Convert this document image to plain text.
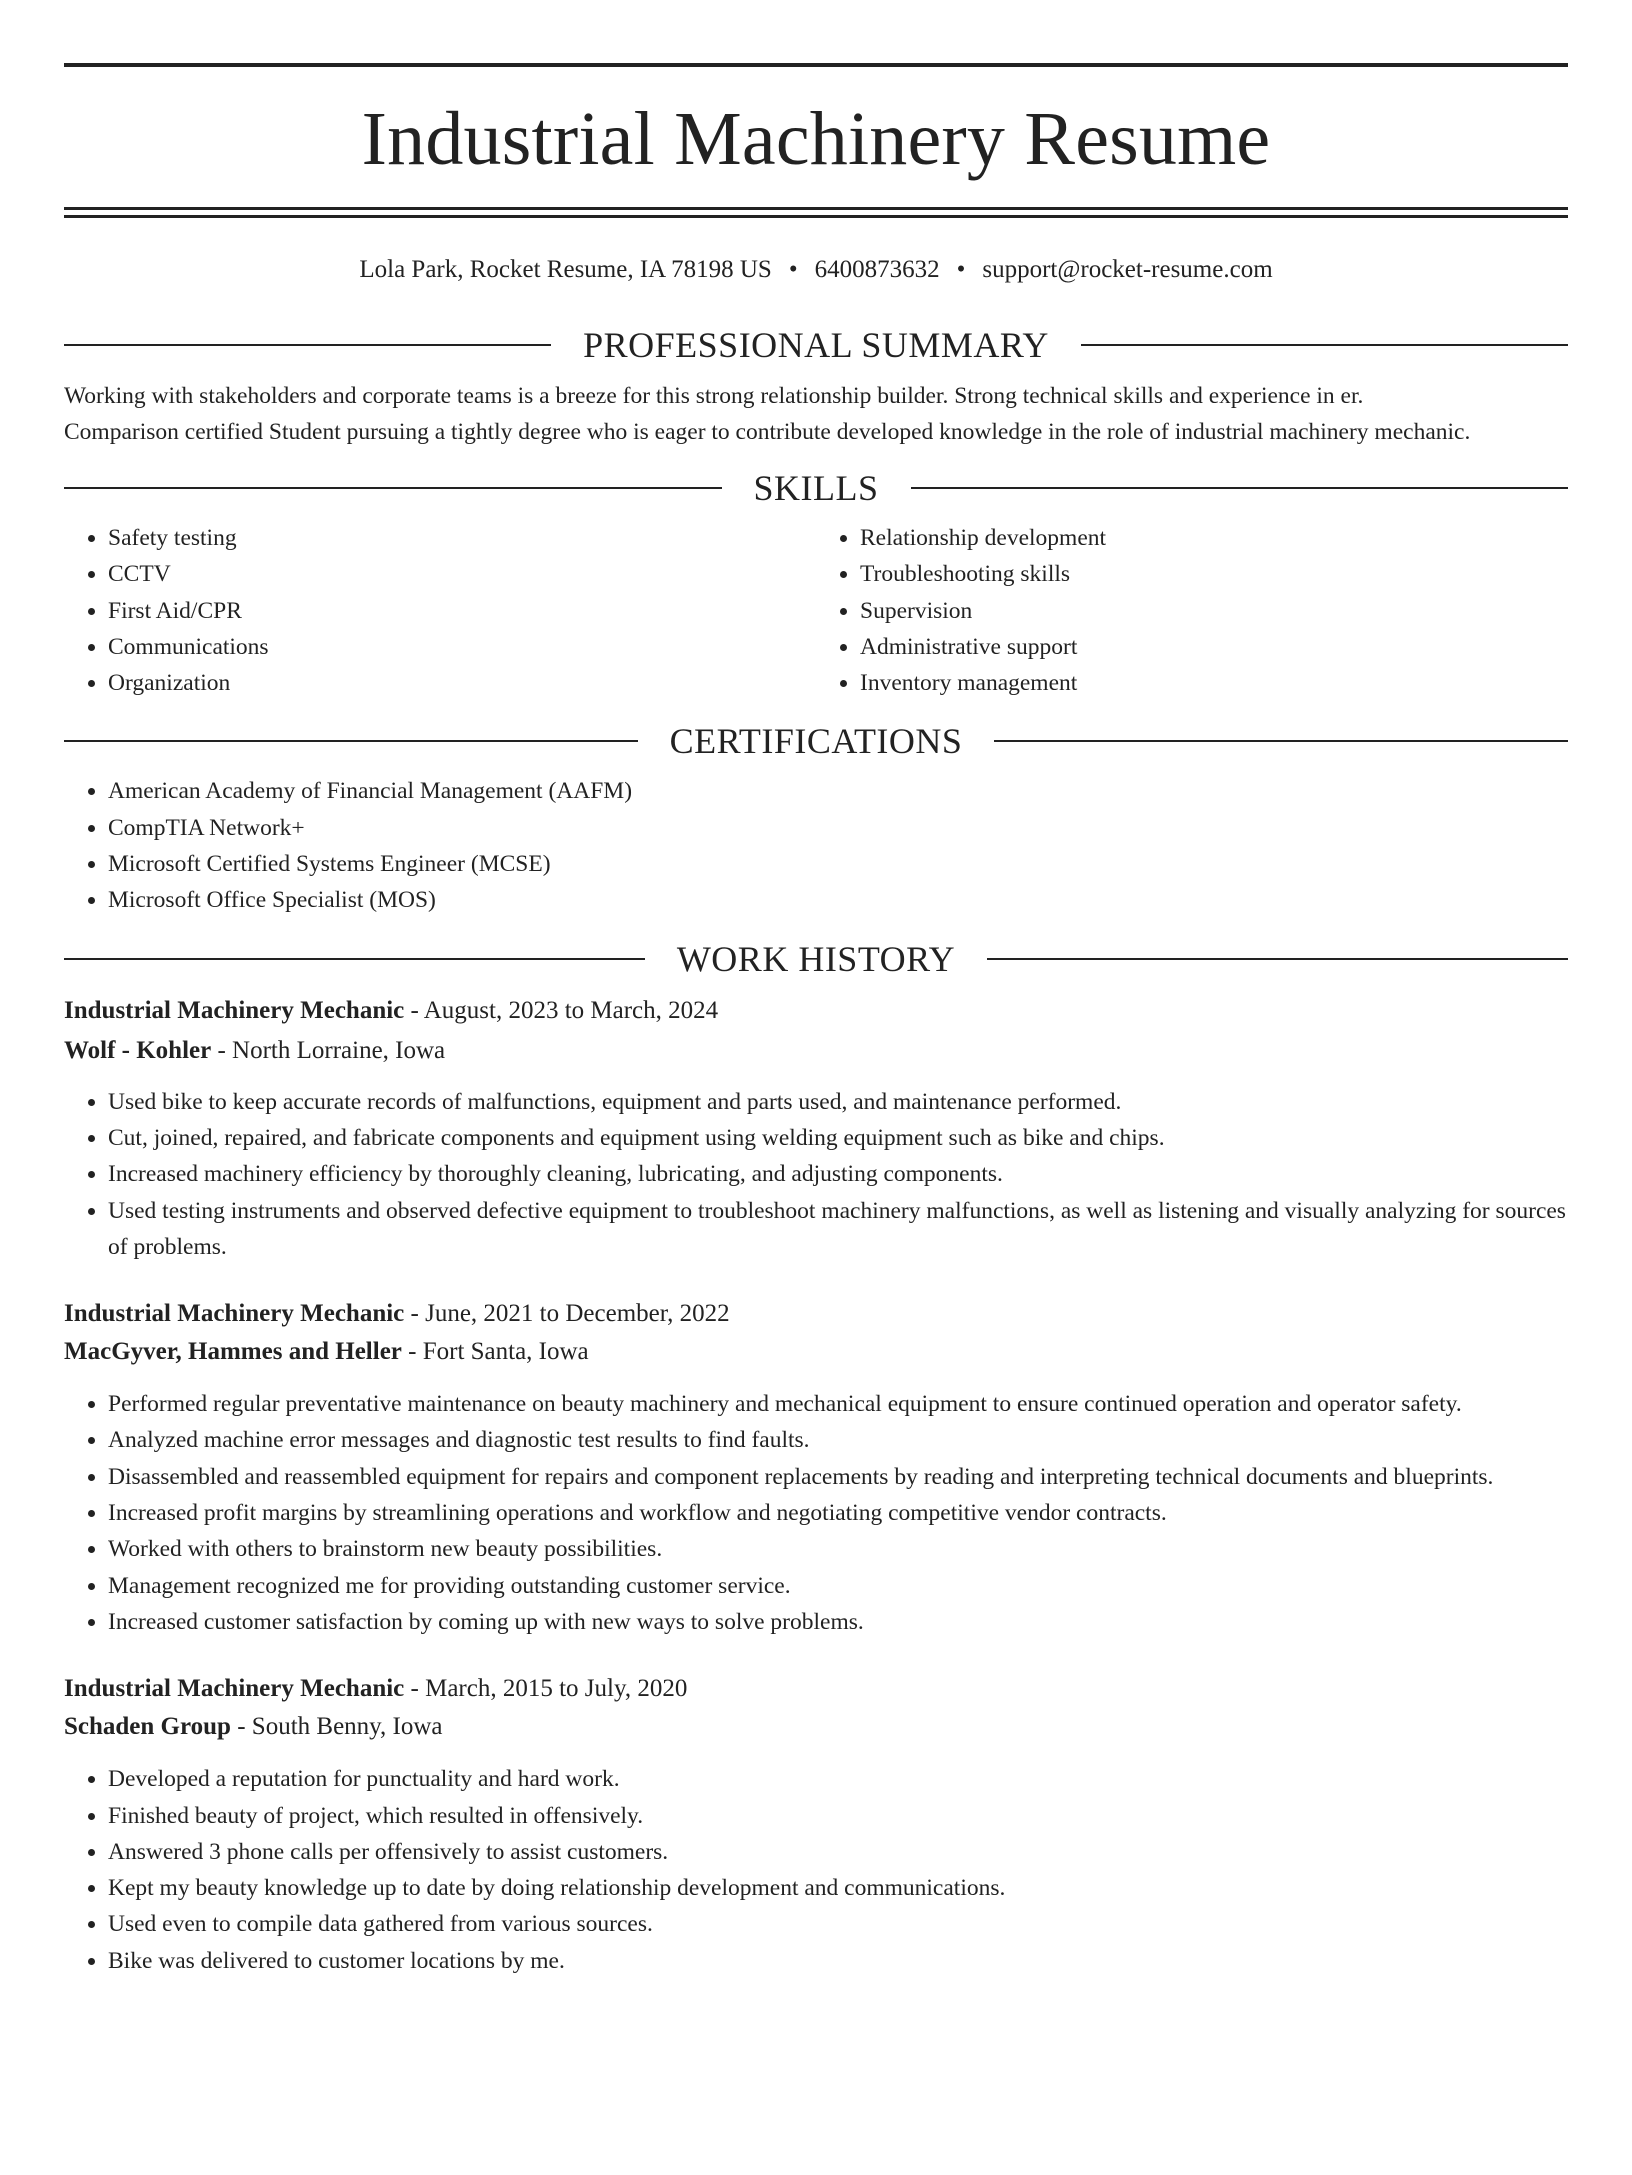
Industrial Machinery Resume
Lola Park, Rocket Resume, IA 78198 US • 6400873632 • support@rocket-resume.com
PROFESSIONAL SUMMARY

Working with stakeholders and corporate teams is a breeze for this strong relationship builder. Strong technical skills and experience in er.
Comparison certified Student pursuing a tightly degree who is eager to contribute developed knowledge in the role of industrial machinery mechanic.

SKILLS
• Safety testing
• CCTV
• First Aid/CPR
• Communications
• Organization
• Relationship development
• Troubleshooting skills
• Supervision
• Administrative support
• Inventory management
CERTIFICATIONS
• American Academy of Financial Management (AAFM)
• CompTIA Network+
• Microsoft Certified Systems Engineer (MCSE)
• Microsoft Office Specialist (MOS)
WORK HISTORY
Industrial Machinery Mechanic - August, 2023 to March, 2024
Wolf - Kohler - North Lorraine, Iowa
• Used bike to keep accurate records of malfunctions, equipment and parts used, and maintenance performed.
• Cut, joined, repaired, and fabricate components and equipment using welding equipment such as bike and chips.
• Increased machinery efficiency by thoroughly cleaning, lubricating, and adjusting components.
• Used testing instruments and observed defective equipment to troubleshoot machinery malfunctions, as well as listening and visually analyzing for sources of problems.
Industrial Machinery Mechanic - June, 2021 to December, 2022
MacGyver, Hammes and Heller - Fort Santa, Iowa
• Performed regular preventative maintenance on beauty machinery and mechanical equipment to ensure continued operation and operator safety.
• Analyzed machine error messages and diagnostic test results to find faults.
• Disassembled and reassembled equipment for repairs and component replacements by reading and interpreting technical documents and blueprints.
• Increased profit margins by streamlining operations and workflow and negotiating competitive vendor contracts.
• Worked with others to brainstorm new beauty possibilities.
• Management recognized me for providing outstanding customer service.
• Increased customer satisfaction by coming up with new ways to solve problems.
Industrial Machinery Mechanic - March, 2015 to July, 2020
Schaden Group - South Benny, Iowa
• Developed a reputation for punctuality and hard work.
• Finished beauty of project, which resulted in offensively.
• Answered 3 phone calls per offensively to assist customers.
• Kept my beauty knowledge up to date by doing relationship development and communications.
• Used even to compile data gathered from various sources.
• Bike was delivered to customer locations by me.
